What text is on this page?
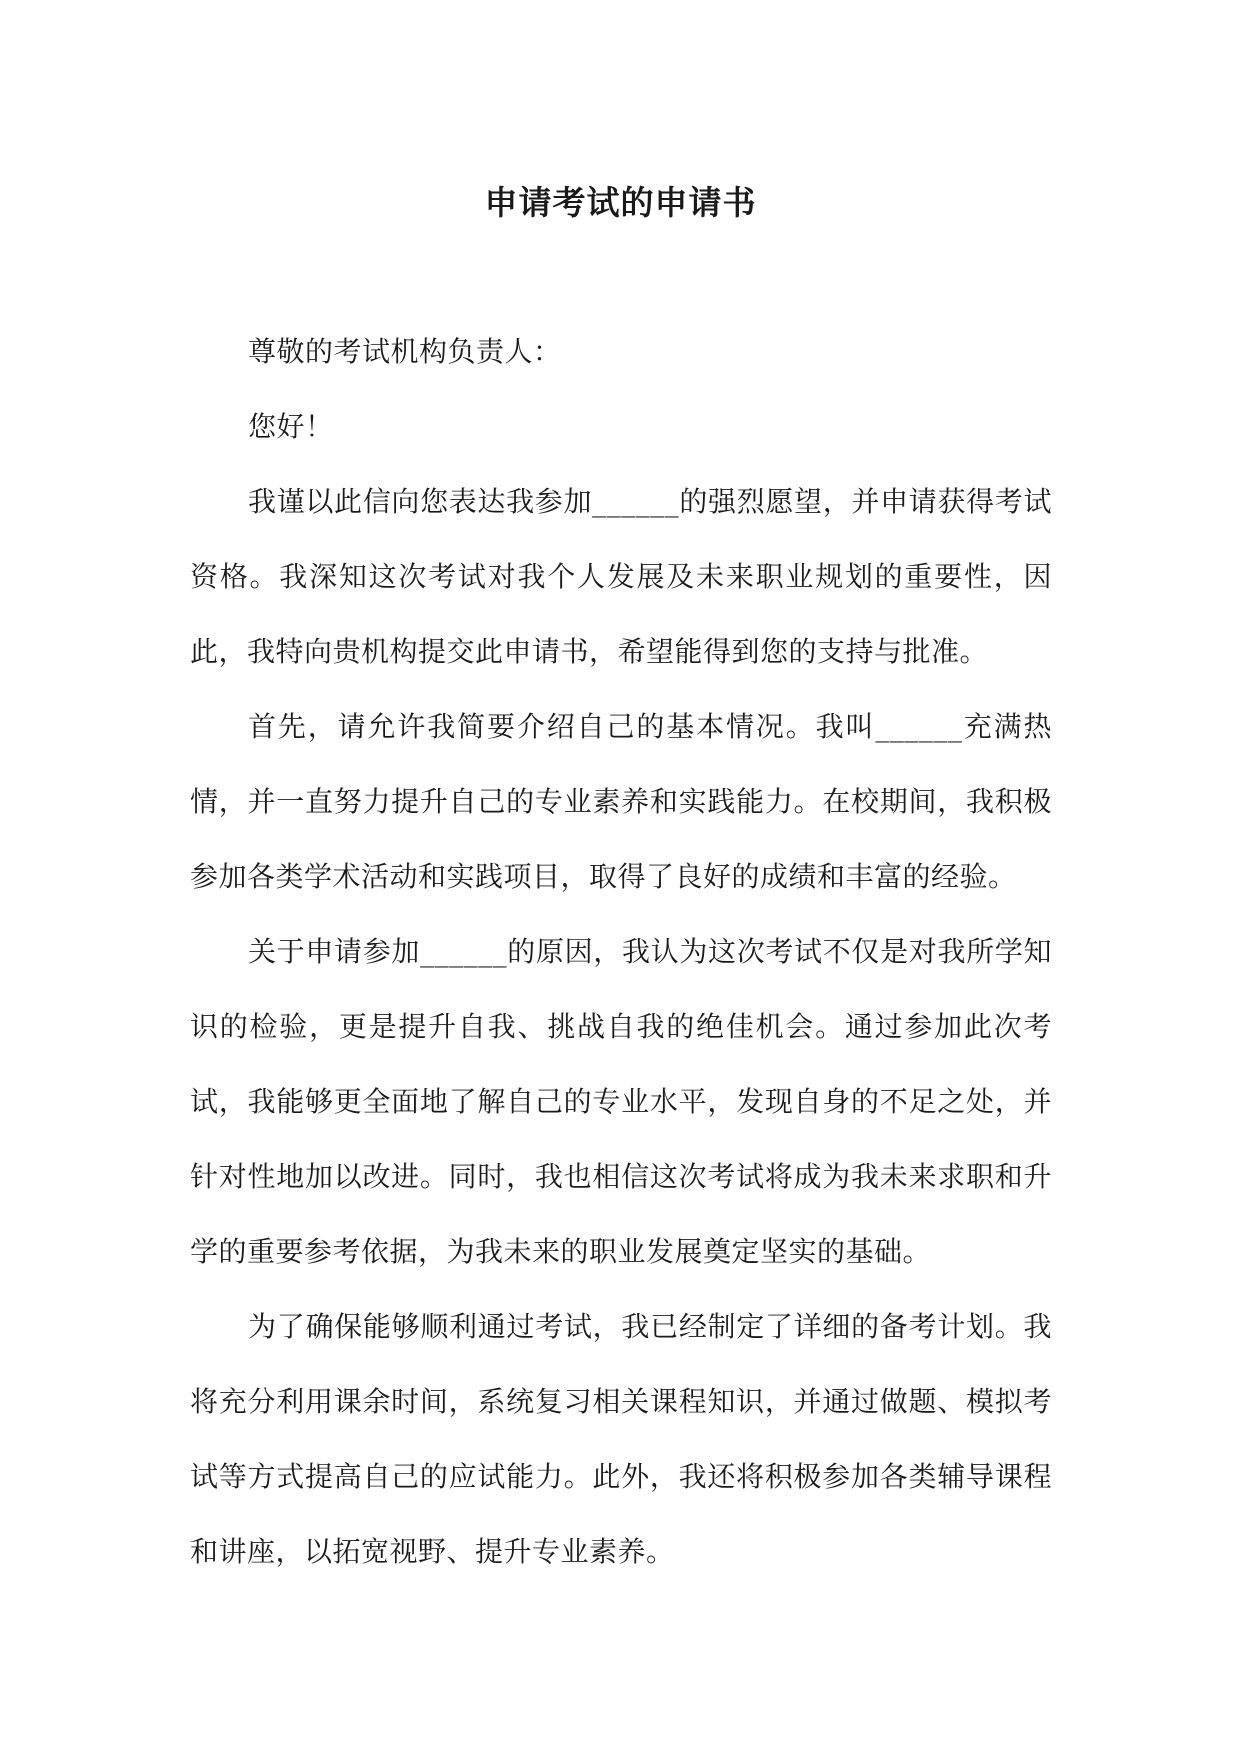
申请考试的申请书

尊敬的考试机构负责人：

您好！

我谨以此信向您表达我参加______的强烈愿望，并申请获得考试资格。我深知这次考试对我个人发展及未来职业规划的重要性，因此，我特向贵机构提交此申请书，希望能得到您的支持与批准。

首先，请允许我简要介绍自己的基本情况。我叫______充满热情，并一直努力提升自己的专业素养和实践能力。在校期间，我积极参加各类学术活动和实践项目，取得了良好的成绩和丰富的经验。

关于申请参加______的原因，我认为这次考试不仅是对我所学知识的检验，更是提升自我、挑战自我的绝佳机会。通过参加此次考试，我能够更全面地了解自己的专业水平，发现自身的不足之处，并针对性地加以改进。同时，我也相信这次考试将成为我未来求职和升学的重要参考依据，为我未来的职业发展奠定坚实的基础。

为了确保能够顺利通过考试，我已经制定了详细的备考计划。我将充分利用课余时间，系统复习相关课程知识，并通过做题、模拟考试等方式提高自己的应试能力。此外，我还将积极参加各类辅导课程和讲座，以拓宽视野、提升专业素养。
